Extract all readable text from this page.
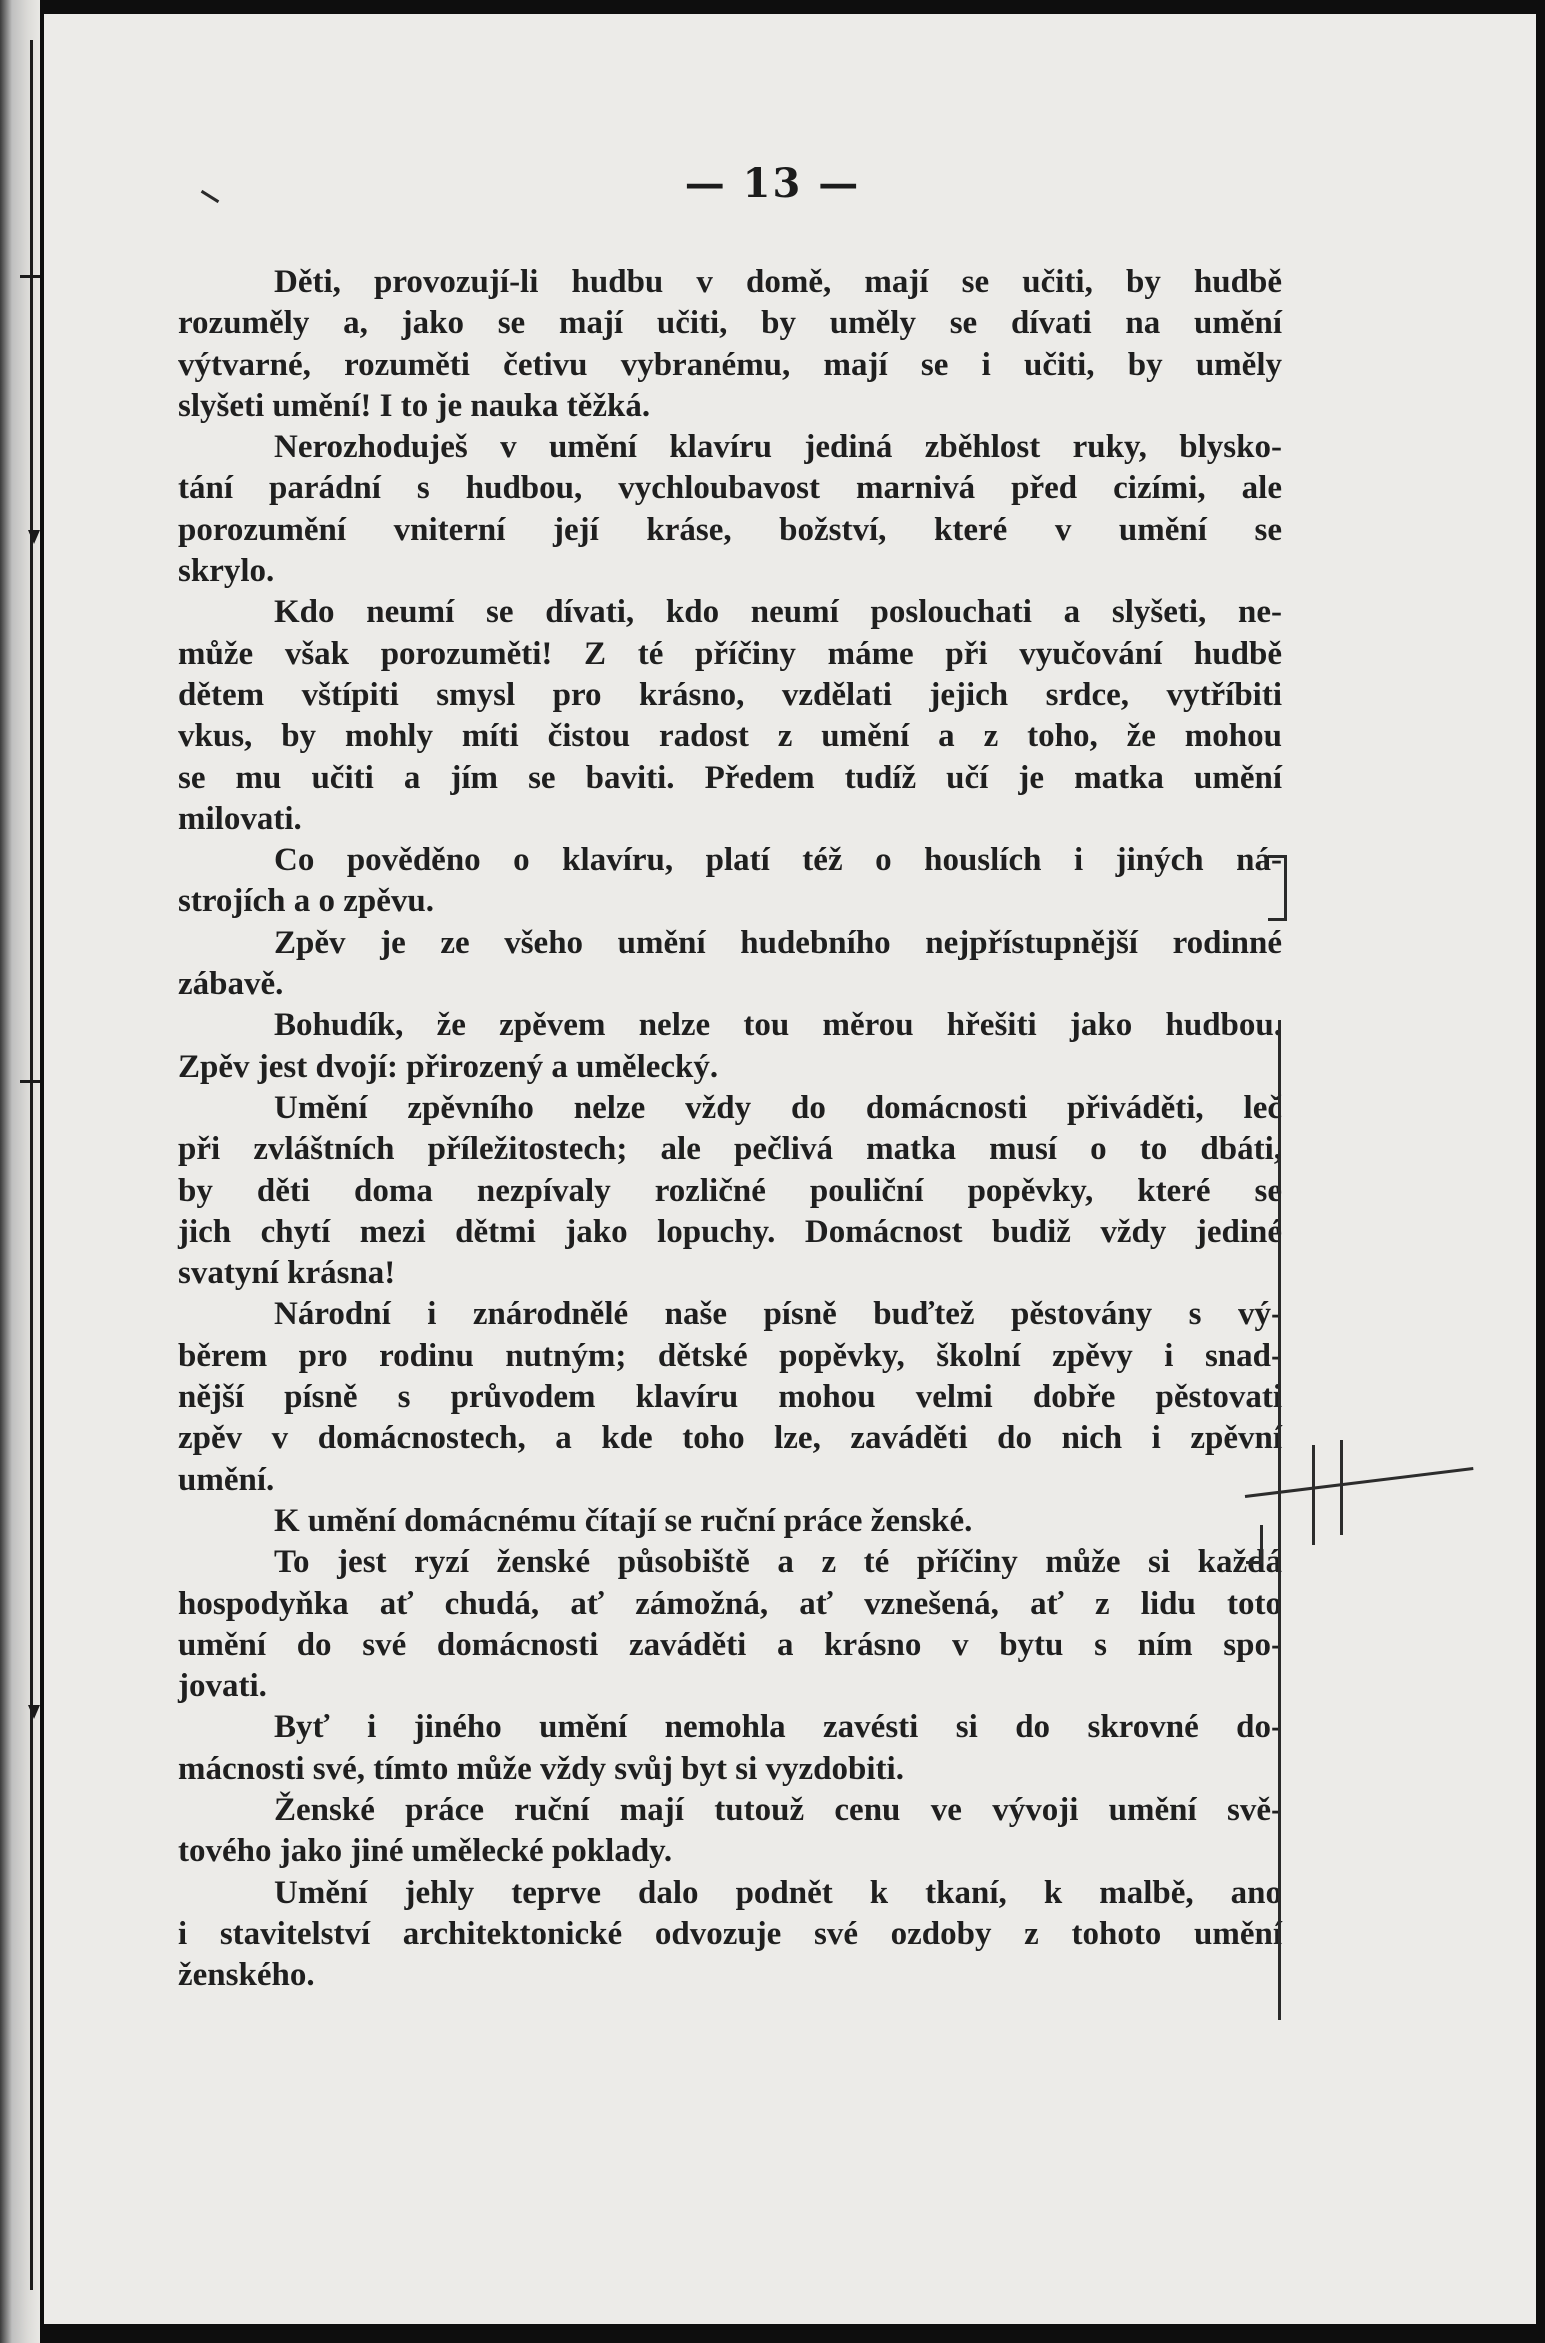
— 13 —
Děti, provozují-li hudbu v domě, mají se učiti, by hudbě
rozuměly a, jako se mají učiti, by uměly se dívati na umění
výtvarné, rozuměti četivu vybranému, mají se i učiti, by uměly
slyšeti umění! I to je nauka těžká.
Nerozhoduješ v umění klavíru jediná zběhlost ruky, blysko-
tání parádní s hudbou, vychloubavost marnivá před cizími, ale
porozumění vniterní její kráse, božství, které v umění se
skrylo.
Kdo neumí se dívati, kdo neumí poslouchati a slyšeti, ne-
může však porozuměti! Z té příčiny máme při vyučování hudbě
dětem vštípiti smysl pro krásno, vzdělati jejich srdce, vytříbiti
vkus, by mohly míti čistou radost z umění a z toho, že mohou
se mu učiti a jím se baviti. Předem tudíž učí je matka umění
milovati.
Co pověděno o klavíru, platí též o houslích i jiných ná-
strojích a o zpěvu.
Zpěv je ze všeho umění hudebního nejpřístupnější rodinné
zábavě.
Bohudík, že zpěvem nelze tou měrou hřešiti jako hudbou.
Zpěv jest dvojí: přirozený a umělecký.
Umění zpěvního nelze vždy do domácnosti přiváděti, leč
při zvláštních příležitostech; ale pečlivá matka musí o to dbáti,
by děti doma nezpívaly rozličné pouliční popěvky, které se
jich chytí mezi dětmi jako lopuchy. Domácnost budiž vždy jediné
svatyní krásna!
Národní i znárodnělé naše písně buďtež pěstovány s vý-
běrem pro rodinu nutným; dětské popěvky, školní zpěvy i snad-
nější písně s průvodem klavíru mohou velmi dobře pěstovati
zpěv v domácnostech, a kde toho lze, zaváděti do nich i zpěvní
umění.
K umění domácnému čítají se ruční práce ženské.
To jest ryzí ženské působiště a z té příčiny může si každá
hospodyňka ať chudá, ať zámožná, ať vznešená, ať z lidu toto
umění do své domácnosti zaváděti a krásno v bytu s ním spo-
jovati.
Byť i jiného umění nemohla zavésti si do skrovné do-
mácnosti své, tímto může vždy svůj byt si vyzdobiti.
Ženské práce ruční mají tutouž cenu ve vývoji umění svě-
tového jako jiné umělecké poklady.
Umění jehly teprve dalo podnět k tkaní, k malbě, ano
i stavitelství architektonické odvozuje své ozdoby z tohoto umění
ženského.
